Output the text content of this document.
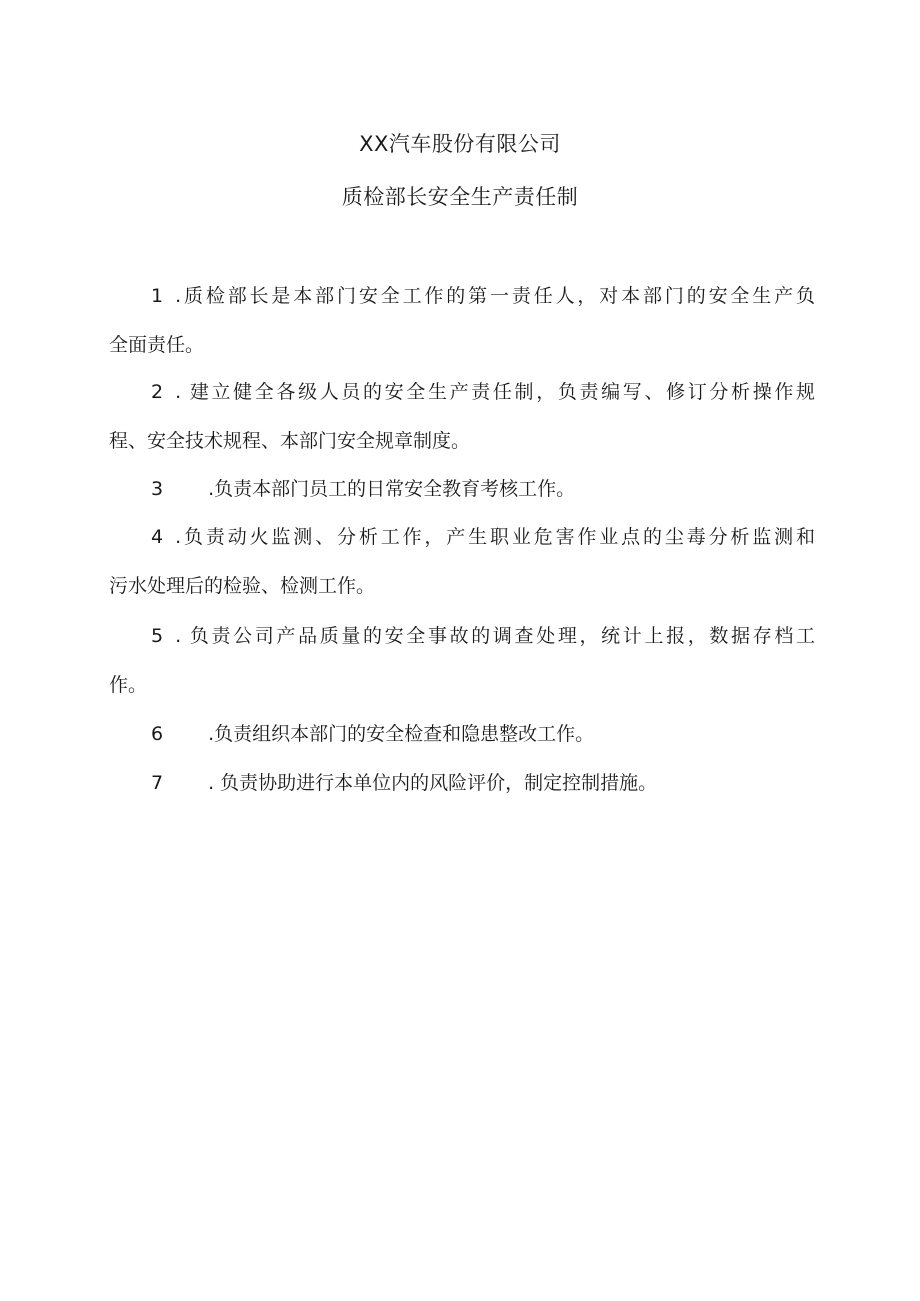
XX汽车股份有限公司
质检部长安全生产责任制
1 .质检部长是本部门安全工作的第一责任人，对本部门的安全生产负
全面责任。
2 . 建立健全各级人员的安全生产责任制，负责编写、修订分析操作规
程、安全技术规程、本部门安全规章制度。
3 .负责本部门员工的日常安全教育考核工作。
4 .负责动火监测、分析工作，产生职业危害作业点的尘毒分析监测和
污水处理后的检验、检测工作。
5 . 负责公司产品质量的安全事故的调查处理，统计上报，数据存档工
作。
6 .负责组织本部门的安全检查和隐患整改工作。
7 . 负责协助进行本单位内的风险评价，制定控制措施。
